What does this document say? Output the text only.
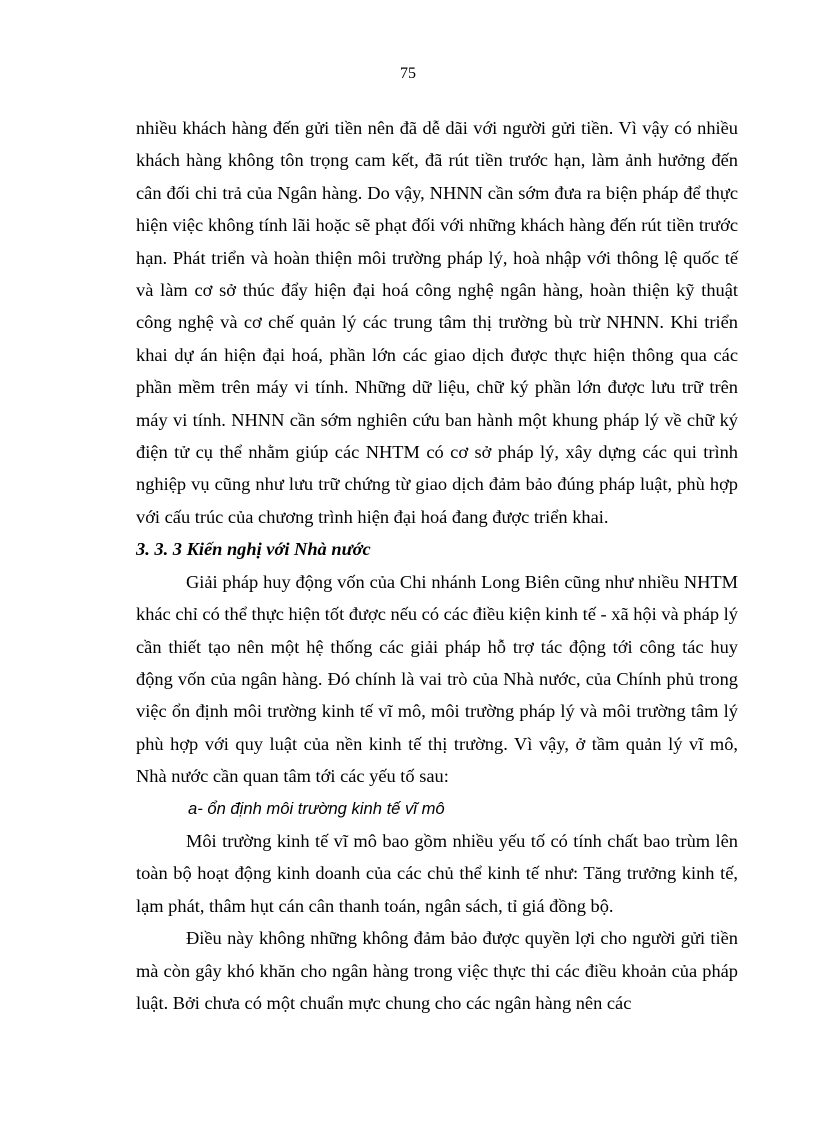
75

nhiều khách hàng đến gửi tiền nên đã dễ dãi với người gửi tiền. Vì vậy có nhiều khách hàng không tôn trọng cam kết, đã rút tiền trước hạn, làm ảnh hưởng đến cân đối chi trả của Ngân hàng. Do vậy, NHNN cần sớm đưa ra biện pháp để thực hiện việc không tính lãi hoặc sẽ phạt đối với những khách hàng đến rút tiền trước hạn. Phát triển và hoàn thiện môi trường pháp lý, hoà nhập với thông lệ quốc tế và làm cơ sở thúc đẩy hiện đại hoá công nghệ ngân hàng, hoàn thiện kỹ thuật công nghệ và cơ chế quản lý các trung tâm thị trường bù trừ NHNN. Khi triển khai dự án hiện đại hoá, phần lớn các giao dịch được thực hiện thông qua các phần mềm trên máy vi tính. Những dữ liệu, chữ ký phần lớn được lưu trữ trên máy vi tính. NHNN cần sớm nghiên cứu ban hành một khung pháp lý về chữ ký điện tử cụ thể nhằm giúp các NHTM có cơ sở pháp lý, xây dựng các qui trình nghiệp vụ cũng như lưu trữ chứng từ giao dịch đảm bảo đúng pháp luật, phù hợp với cấu trúc của chương trình hiện đại hoá đang được triển khai.

3. 3. 3 Kiến nghị với Nhà nước

Giải pháp huy động vốn của Chi nhánh Long Biên cũng như nhiều NHTM khác chỉ có thể thực hiện tốt được nếu có các điều kiện kinh tế - xã hội và pháp lý cần thiết tạo nên một hệ thống các giải pháp hỗ trợ tác động tới công tác huy động vốn của ngân hàng. Đó chính là vai trò của Nhà nước, của Chính phủ trong việc ổn định môi trường kinh tế vĩ mô, môi trường pháp lý và môi trường tâm lý phù hợp với quy luật của nền kinh tế thị trường. Vì vậy, ở tầm quản lý vĩ mô, Nhà nước cần quan tâm tới các yếu tố sau:

a- ổn định môi trường kinh tế vĩ mô

Môi trường kinh tế vĩ mô bao gồm nhiều yếu tố có tính chất bao trùm lên toàn bộ hoạt động kinh doanh của các chủ thể kinh tế như: Tăng trưởng kinh tế, lạm phát, thâm hụt cán cân thanh toán, ngân sách, tỉ giá đồng bộ.

Điều này không những không đảm bảo được quyền lợi cho người gửi tiền mà còn gây khó khăn cho ngân hàng trong việc thực thi các điều khoản của pháp luật. Bởi chưa có một chuẩn mực chung cho các ngân hàng nên các
